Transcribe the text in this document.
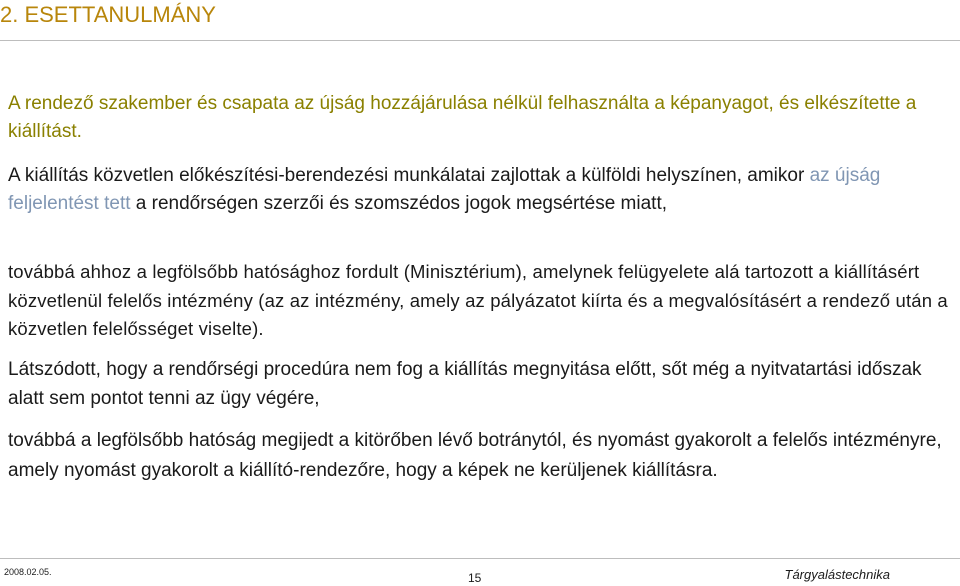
2. ESETTANULMÁNY

A rendező szakember és csapata az újság hozzájárulása nélkül felhasználta a képanyagot, és elkészítette a kiállítást.

A kiállítás közvetlen előkészítési-berendezési munkálatai zajlottak a külföldi helyszínen, amikor az újság feljelentést tett a rendőrségen szerzői és szomszédos jogok megsértése miatt,

továbbá ahhoz a legfölsőbb hatósághoz fordult (Minisztérium), amelynek felügyelete alá tartozott a kiállításért közvetlenül felelős intézmény (az az intézmény, amely az pályázatot kiírta és a megvalósításért a rendező után a közvetlen felelősséget viselte).

Látszódott, hogy a rendőrségi procedúra nem fog a kiállítás megnyitása előtt, sőt még a nyitvatartási időszak alatt sem pontot tenni az ügy végére,

továbbá a legfölsőbb hatóság megijedt a kitörőben lévő botránytól, és nyomást gyakorolt a felelős intézményre, amely nyomást gyakorolt a kiállító-rendezőre, hogy a képek ne kerüljenek kiállításra.

2008.02.05.	15	Tárgyalástechnika
